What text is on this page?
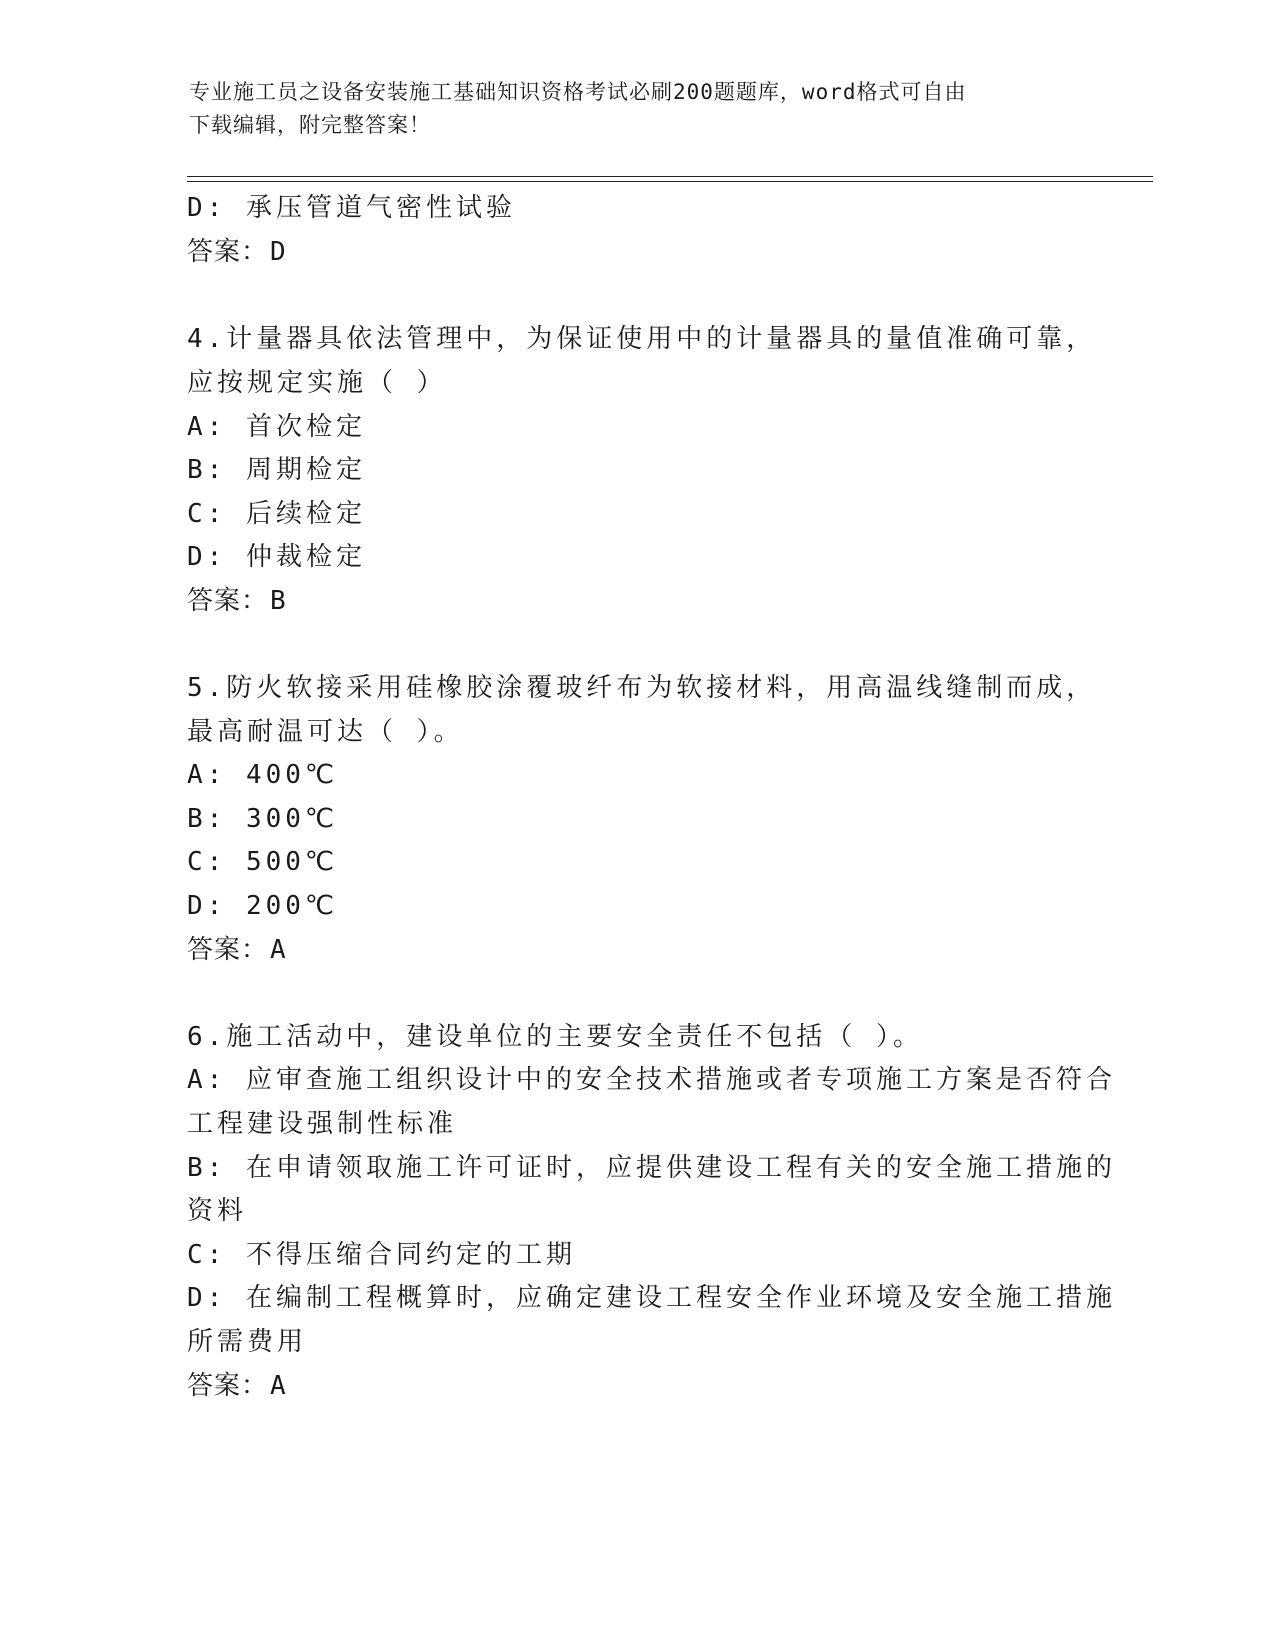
专业施工员之设备安装施工基础知识资格考试必刷200题题库，word格式可自由
下载编辑，附完整答案！
D: 承压管道气密性试验
答案：D
4.计量器具依法管理中，为保证使用中的计量器具的量值准确可靠，
应按规定实施（ ）
A: 首次检定
B: 周期检定
C: 后续检定
D: 仲裁检定
答案：B
5.防火软接采用硅橡胶涂覆玻纤布为软接材料，用高温线缝制而成，
最高耐温可达（ ）。
A: 400℃
B: 300℃
C: 500℃
D: 200℃
答案：A
6.施工活动中，建设单位的主要安全责任不包括（ ）。
A: 应审查施工组织设计中的安全技术措施或者专项施工方案是否符合
工程建设强制性标准
B: 在申请领取施工许可证时，应提供建设工程有关的安全施工措施的
资料
C: 不得压缩合同约定的工期
D: 在编制工程概算时，应确定建设工程安全作业环境及安全施工措施
所需费用
答案：A
